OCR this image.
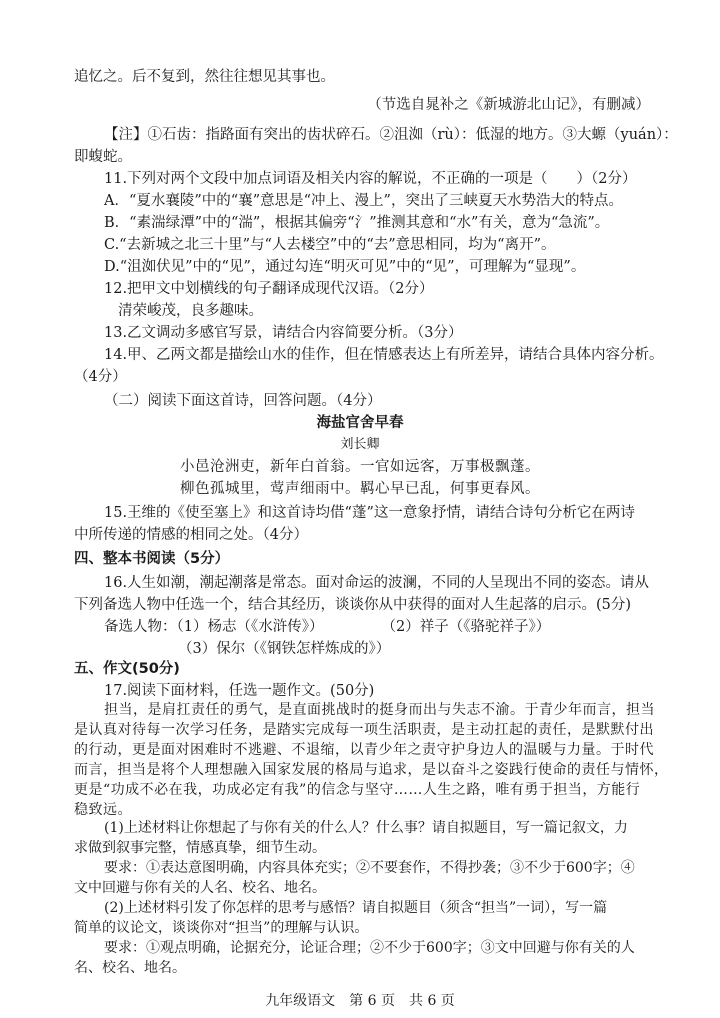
追忆之。后不复到，然往往想见其事也。
（节选自晁补之《新城游北山记》，有删减）
【注】①石齿：指路面有突出的齿状碎石。②沮洳（rù）：低湿的地方。③大螈（yuán）：
即蝮蛇。
11.下列对两个文段中加点词语及相关内容的解说，不正确的一项是（　　）（2分）
A．“夏水襄陵”中的“襄”意思是“冲上、漫上”，突出了三峡夏天水势浩大的特点。
B．“素湍绿潭”中的“湍”，根据其偏旁“氵”推测其意和“水”有关，意为“急流”。
C.“去新城之北三十里”与“人去楼空”中的“去”意思相同，均为“离开”。
D.“沮洳伏见”中的“见”，通过勾连“明灭可见”中的“见”，可理解为“显现”。
12.把甲文中划横线的句子翻译成现代汉语。（2分）
清荣峻茂，良多趣味。
13.乙文调动多感官写景，请结合内容简要分析。（3分）
14.甲、乙两文都是描绘山水的佳作，但在情感表达上有所差异，请结合具体内容分析。
（4分）
（二）阅读下面这首诗，回答问题。（4分）
海盐官舍早春
刘长卿
小邑沧洲吏，新年白首翁。一官如远客，万事极飘蓬。
柳色孤城里，莺声细雨中。羁心早已乱，何事更春风。
15.王维的《使至塞上》和这首诗均借“蓬”这一意象抒情，请结合诗句分析它在两诗
中所传递的情感的相同之处。（4分）
四、整本书阅读（5分）
16.人生如潮，潮起潮落是常态。面对命运的波澜，不同的人呈现出不同的姿态。请从
下列备选人物中任选一个，结合其经历，谈谈你从中获得的面对人生起落的启示。(5分)
备选人物：（1）杨志（《水浒传》）　　　　　（2）祥子（《骆驼祥子》）
（3）保尔（《钢铁怎样炼成的》）
五、作文(50分)
17.阅读下面材料，任选一题作文。(50分)
担当，是肩扛责任的勇气，是直面挑战时的挺身而出与失志不渝。于青少年而言，担当
是认真对待每一次学习任务，是踏实完成每一项生活职责，是主动扛起的责任，是默默付出
的行动，更是面对困难时不逃避、不退缩，以青少年之责守护身边人的温暖与力量。于时代
而言，担当是将个人理想融入国家发展的格局与追求，是以奋斗之姿践行使命的责任与情怀，
更是“功成不必在我，功成必定有我”的信念与坚守……人生之路，唯有勇于担当，方能行
稳致远。
(1)上述材料让你想起了与你有关的什么人？什么事？请自拟题目，写一篇记叙文，力
求做到叙事完整，情感真挚，细节生动。
要求：①表达意图明确，内容具体充实；②不要套作，不得抄袭；③不少于600字；④
文中回避与你有关的人名、校名、地名。
(2)上述材料引发了你怎样的思考与感悟？请自拟题目（须含“担当”一词），写一篇
简单的议论文，谈谈你对“担当”的理解与认识。
要求：①观点明确，论据充分，论证合理；②不少于600字；③文中回避与你有关的人
名、校名、地名。
九年级语文　第 6 页　共 6 页
